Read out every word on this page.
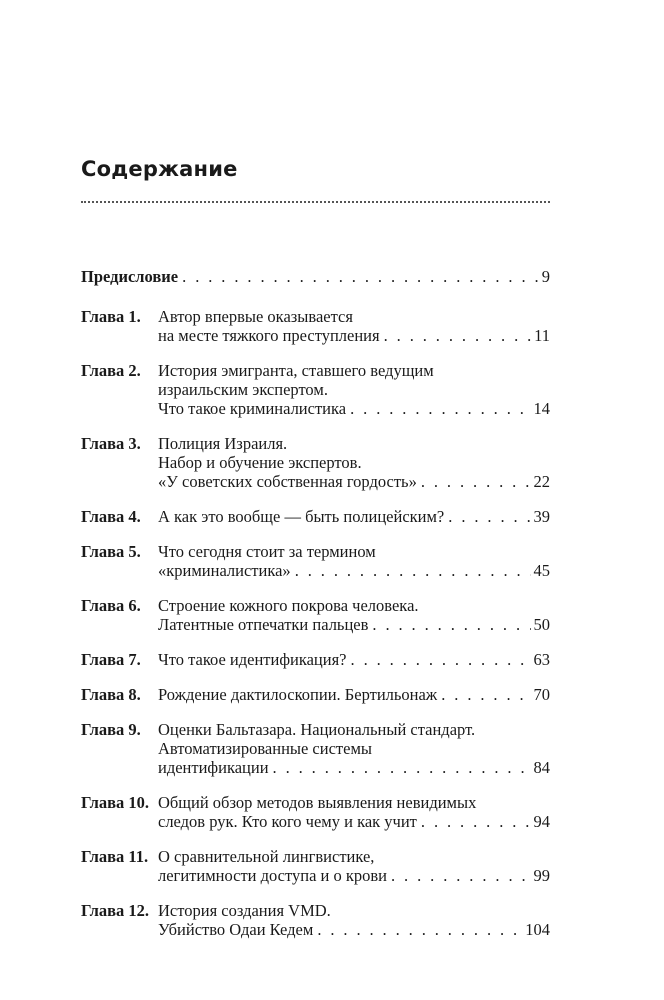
Содержание
Предисловие . . .	9
Глава 1. Автор впервые оказывается
на месте тяжкого преступления . . .	11
Глава 2. История эмигранта, ставшего ведущим
израильским экспертом.
Что такое криминалистика . . .	14
Глава 3. Полиция Израиля.
Набор и обучение экспертов.
«У советских собственная гордость» . . .	22
Глава 4. А как это вообще — быть полицейским? . . .	39
Глава 5. Что сегодня стоит за термином
«криминалистика» . . .	45
Глава 6. Строение кожного покрова человека.
Латентные отпечатки пальцев . . .	50
Глава 7. Что такое идентификация? . . .	63
Глава 8. Рождение дактилоскопии. Бертильонаж . . .	70
Глава 9. Оценки Бальтазара. Национальный стандарт.
Автоматизированные системы
идентификации . . .	84
Глава 10. Общий обзор методов выявления невидимых
следов рук. Кто кого чему и как учит . . .	94
Глава 11. О сравнительной лингвистике,
легитимности доступа и о крови . . .	99
Глава 12. История создания VMD.
Убийство Одаи Кедем . . .	104
